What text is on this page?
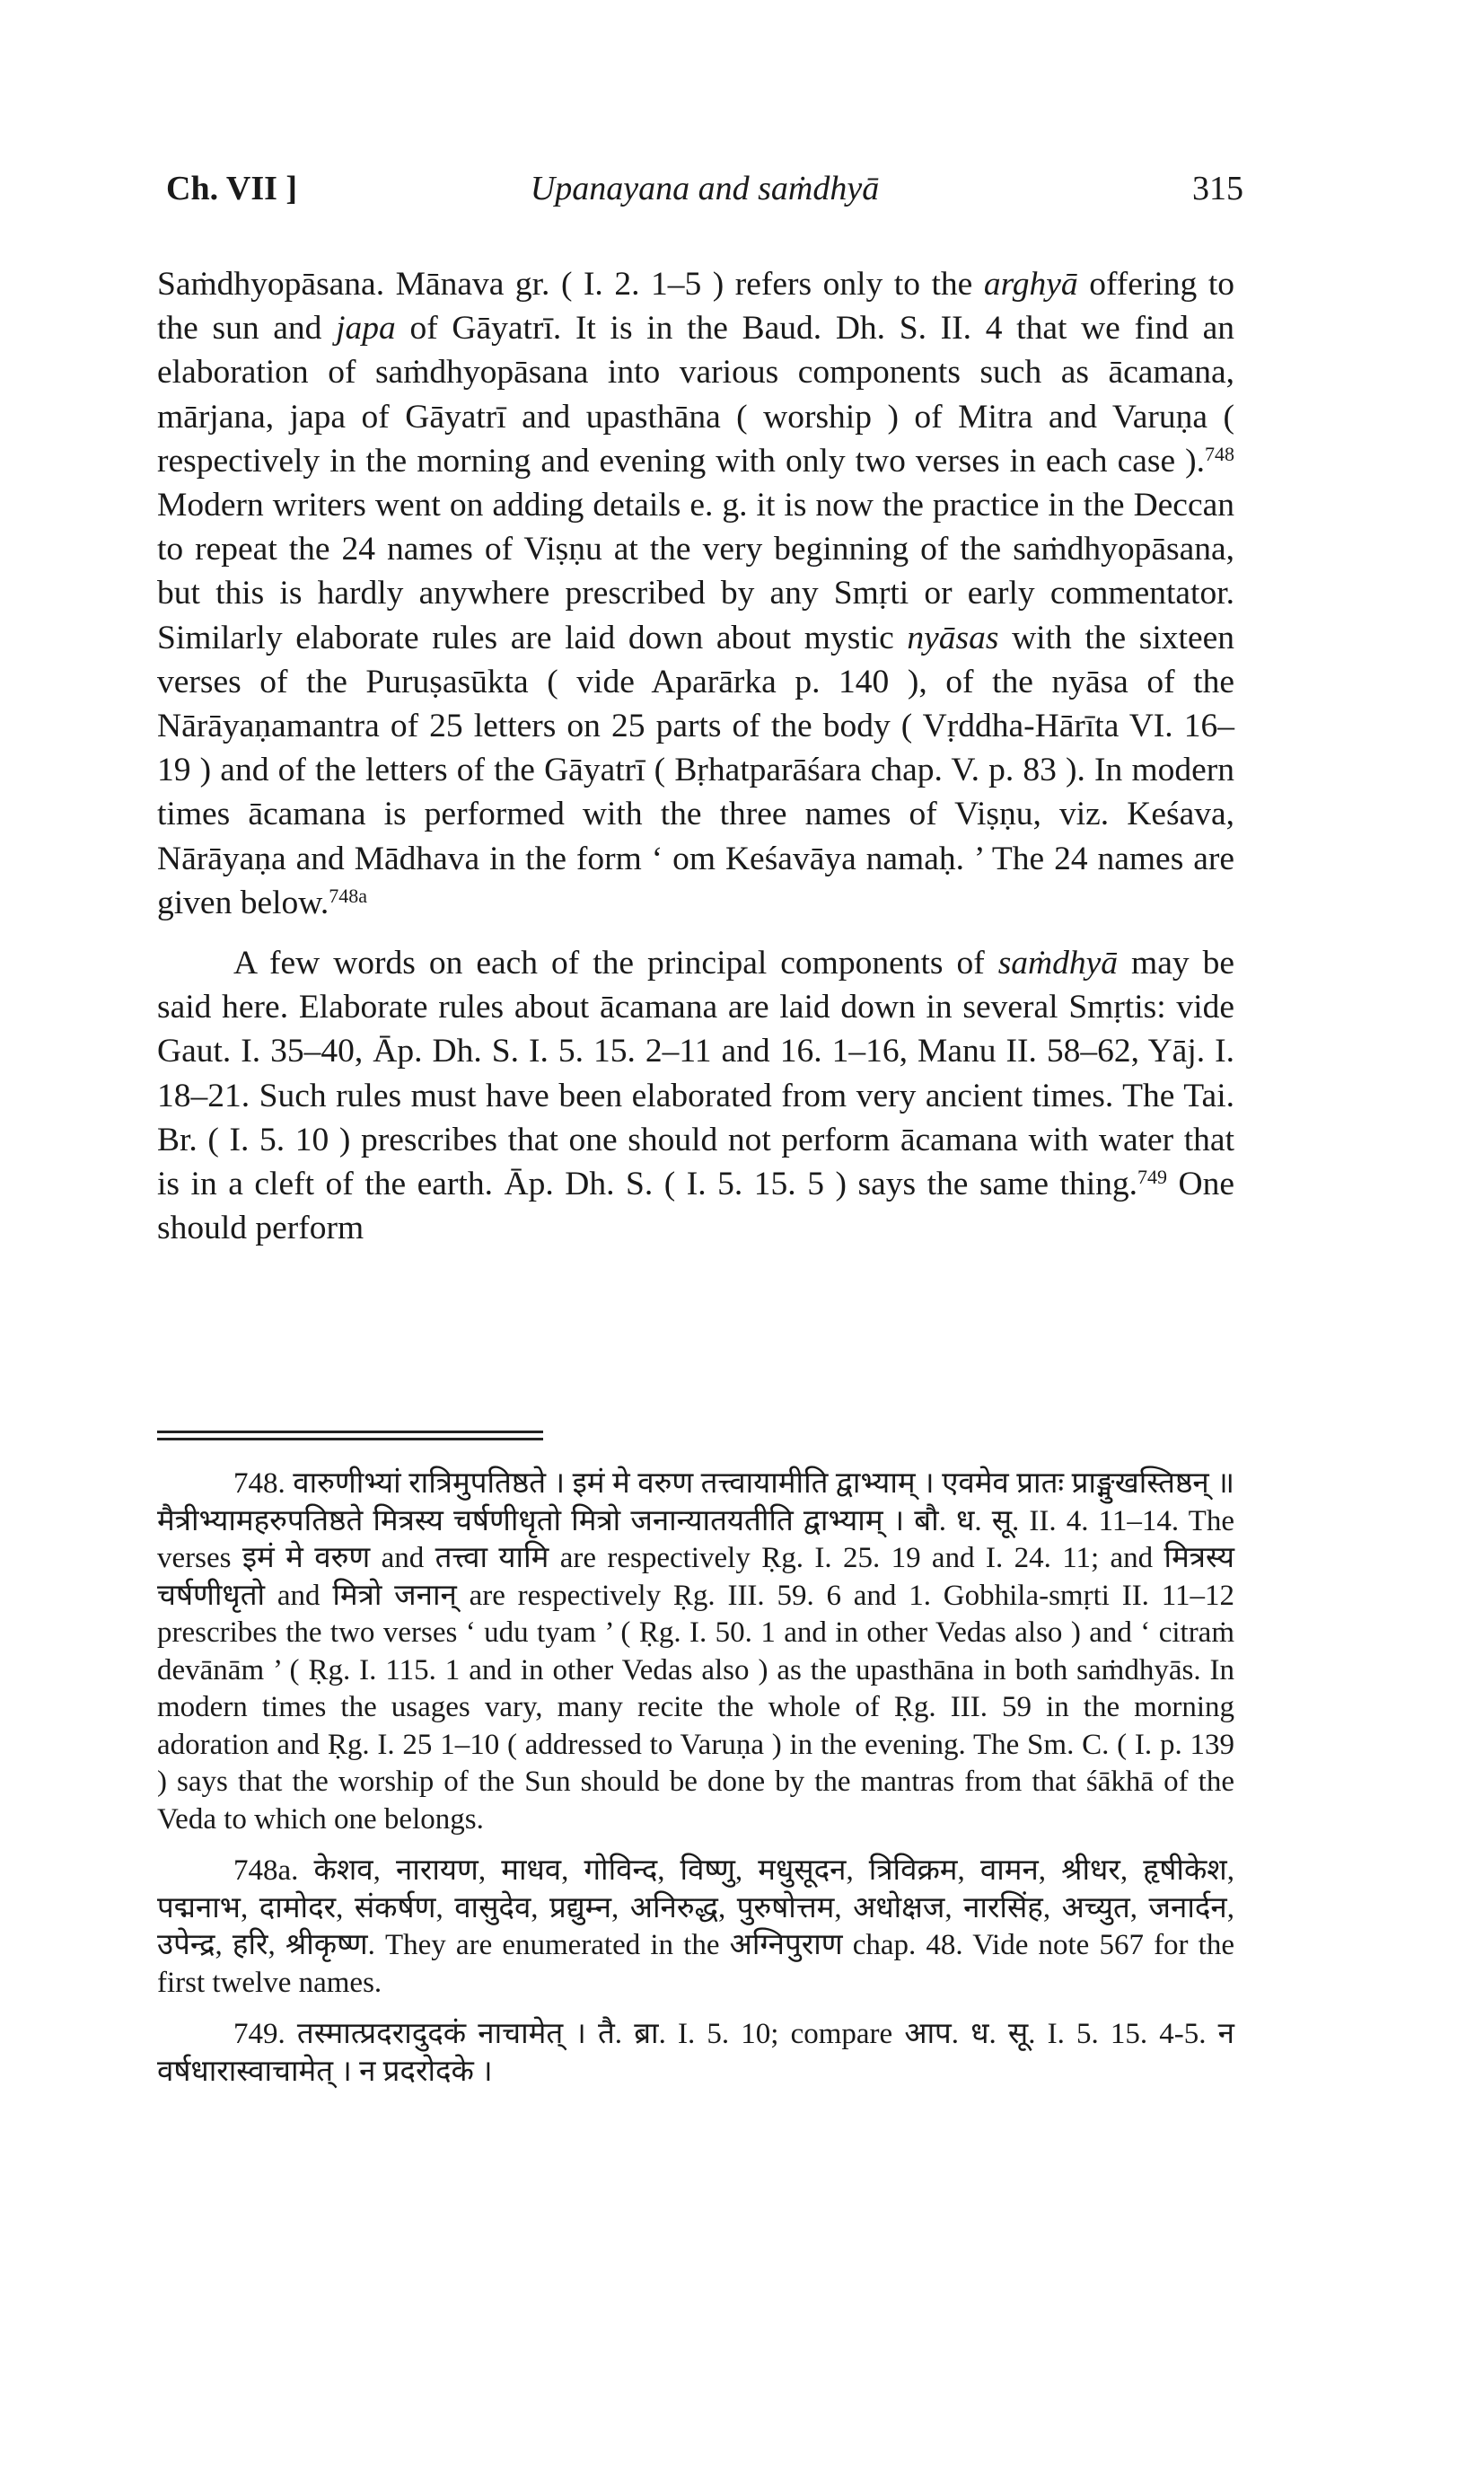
Ch. VII ]	Upanayana and saṁdhyā	315

Saṁdhyopāsana. Mānava gr. ( I. 2. 1–5 ) refers only to the arghyā offering to the sun and japa of Gāyatrī. It is in the Baud. Dh. S. II. 4 that we find an elaboration of saṁdhyopāsana into various components such as ācamana, mārjana, japa of Gāyatrī and upasthāna ( worship ) of Mitra and Varuṇa ( respectively in the morning and evening with only two verses in each case ).$^{748}$ Modern writers went on adding details e. g. it is now the practice in the Deccan to repeat the 24 names of Viṣṇu at the very beginning of the saṁdhyopāsana, but this is hardly anywhere prescribed by any Smṛti or early commentator. Similarly elaborate rules are laid down about mystic nyāsas with the sixteen verses of the Puruṣasūkta ( vide Aparārka p. 140 ), of the nyāsa of the Nārāyaṇamantra of 25 letters on 25 parts of the body ( Vṛddha-Hārīta VI. 16–19 ) and of the letters of the Gāyatrī ( Bṛhatparāśara chap. V. p. 83 ). In modern times ācamana is performed with the three names of Viṣṇu, viz. Keśava, Nārāyaṇa and Mādhava in the form ‘ om Keśavāya namaḥ. ’ The 24 names are given below.$^{748a}$

A few words on each of the principal components of saṁdhyā may be said here. Elaborate rules about ācamana are laid down in several Smṛtis: vide Gaut. I. 35–40, Āp. Dh. S. I. 5. 15. 2–11 and 16. 1–16, Manu II. 58–62, Yāj. I. 18–21. Such rules must have been elaborated from very ancient times. The Tai. Br. ( I. 5. 10 ) prescribes that one should not perform ācamana with water that is in a cleft of the earth. Āp. Dh. S. ( I. 5. 15. 5 ) says the same thing.$^{749}$ One should perform

748. वारुणीभ्यां रात्रिमुपतिष्ठते । इमं मे वरुण तत्त्वायामीति द्वाभ्याम् । एवमेव प्रातः प्राङ्मुखस्तिष्ठन् ॥ मैत्रीभ्यामहरुपतिष्ठते मित्रस्य चर्षणीधृतो मित्रो जनान्यातयतीति द्वाभ्याम् । बौ. ध. सू. II. 4. 11–14. The verses इमं मे वरुण and तत्त्वा यामि are respectively Ṛg. I. 25. 19 and I. 24. 11; and मित्रस्य चर्षणीधृतो and मित्रो जनान् are respectively Ṛg. III. 59. 6 and 1. Gobhila-smṛti II. 11–12 prescribes the two verses ‘ udu tyam ’ ( Ṛg. I. 50. 1 and in other Vedas also ) and ‘ citraṁ devānām ’ ( Ṛg. I. 115. 1 and in other Vedas also ) as the upasthāna in both saṁdhyās. In modern times the usages vary, many recite the whole of Ṛg. III. 59 in the morning adoration and Ṛg. I. 25 1–10 ( addressed to Varuṇa ) in the evening. The Sm. C. ( I. p. 139 ) says that the worship of the Sun should be done by the mantras from that śākhā of the Veda to which one belongs.

748a. केशव, नारायण, माधव, गोविन्द, विष्णु, मधुसूदन, त्रिविक्रम, वामन, श्रीधर, हृषीकेश, पद्मनाभ, दामोदर, संकर्षण, वासुदेव, प्रद्युम्न, अनिरुद्ध, पुरुषोत्तम, अधोक्षज, नारसिंह, अच्युत, जनार्दन, उपेन्द्र, हरि, श्रीकृष्ण. They are enumerated in the अग्निपुराण chap. 48. Vide note 567 for the first twelve names.

749. तस्मात्प्रदरादुदकं नाचामेत् । तै. ब्रा. I. 5. 10; compare आप. ध. सू. I. 5. 15. 4-5. न वर्षधारास्वाचामेत् । न प्रदरोदके ।
